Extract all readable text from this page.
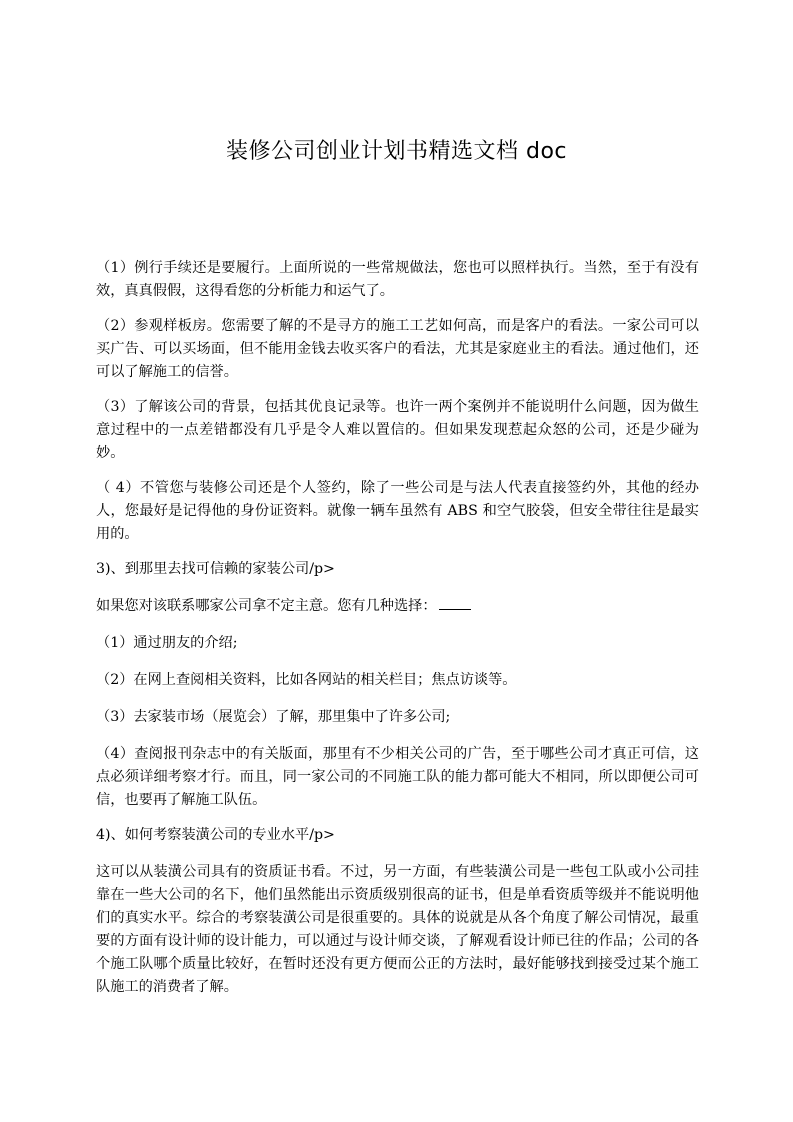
装修公司创业计划书精选文档 doc

（1）例行手续还是要履行。上面所说的一些常规做法，您也可以照样执行。当然，至于有没有效，真真假假，这得看您的分析能力和运气了。

（2）参观样板房。您需要了解的不是寻方的施工工艺如何高，而是客户的看法。一家公司可以买广告、可以买场面，但不能用金钱去收买客户的看法，尤其是家庭业主的看法。通过他们，还可以了解施工的信誉。

（3）了解该公司的背景，包括其优良记录等。也许一两个案例并不能说明什么问题，因为做生意过程中的一点差错都没有几乎是令人难以置信的。但如果发现惹起众怒的公司，还是少碰为妙。

（ 4）不管您与装修公司还是个人签约，除了一些公司是与法人代表直接签约外，其他的经办人，您最好是记得他的身份证资料。就像一辆车虽然有 ABS 和空气胶袋，但安全带往往是最实用的。

3)、到那里去找可信赖的家装公司/p>

如果您对该联系哪家公司拿不定主意。您有几种选择：

（1）通过朋友的介绍;

（2）在网上查阅相关资料，比如各网站的相关栏目；焦点访谈等。

（3）去家装市场（展览会）了解，那里集中了许多公司;

（4）查阅报刊杂志中的有关版面，那里有不少相关公司的广告，至于哪些公司才真正可信，这点必须详细考察才行。而且，同一家公司的不同施工队的能力都可能大不相同，所以即便公司可信，也要再了解施工队伍。

4)、如何考察装潢公司的专业水平/p>

这可以从装潢公司具有的资质证书看。不过，另一方面，有些装潢公司是一些包工队或小公司挂靠在一些大公司的名下，他们虽然能出示资质级别很高的证书，但是单看资质等级并不能说明他们的真实水平。综合的考察装潢公司是很重要的。具体的说就是从各个角度了解公司情况，最重要的方面有设计师的设计能力，可以通过与设计师交谈，了解观看设计师已往的作品；公司的各个施工队哪个质量比较好，在暂时还没有更方便而公正的方法时，最好能够找到接受过某个施工队施工的消费者了解。
